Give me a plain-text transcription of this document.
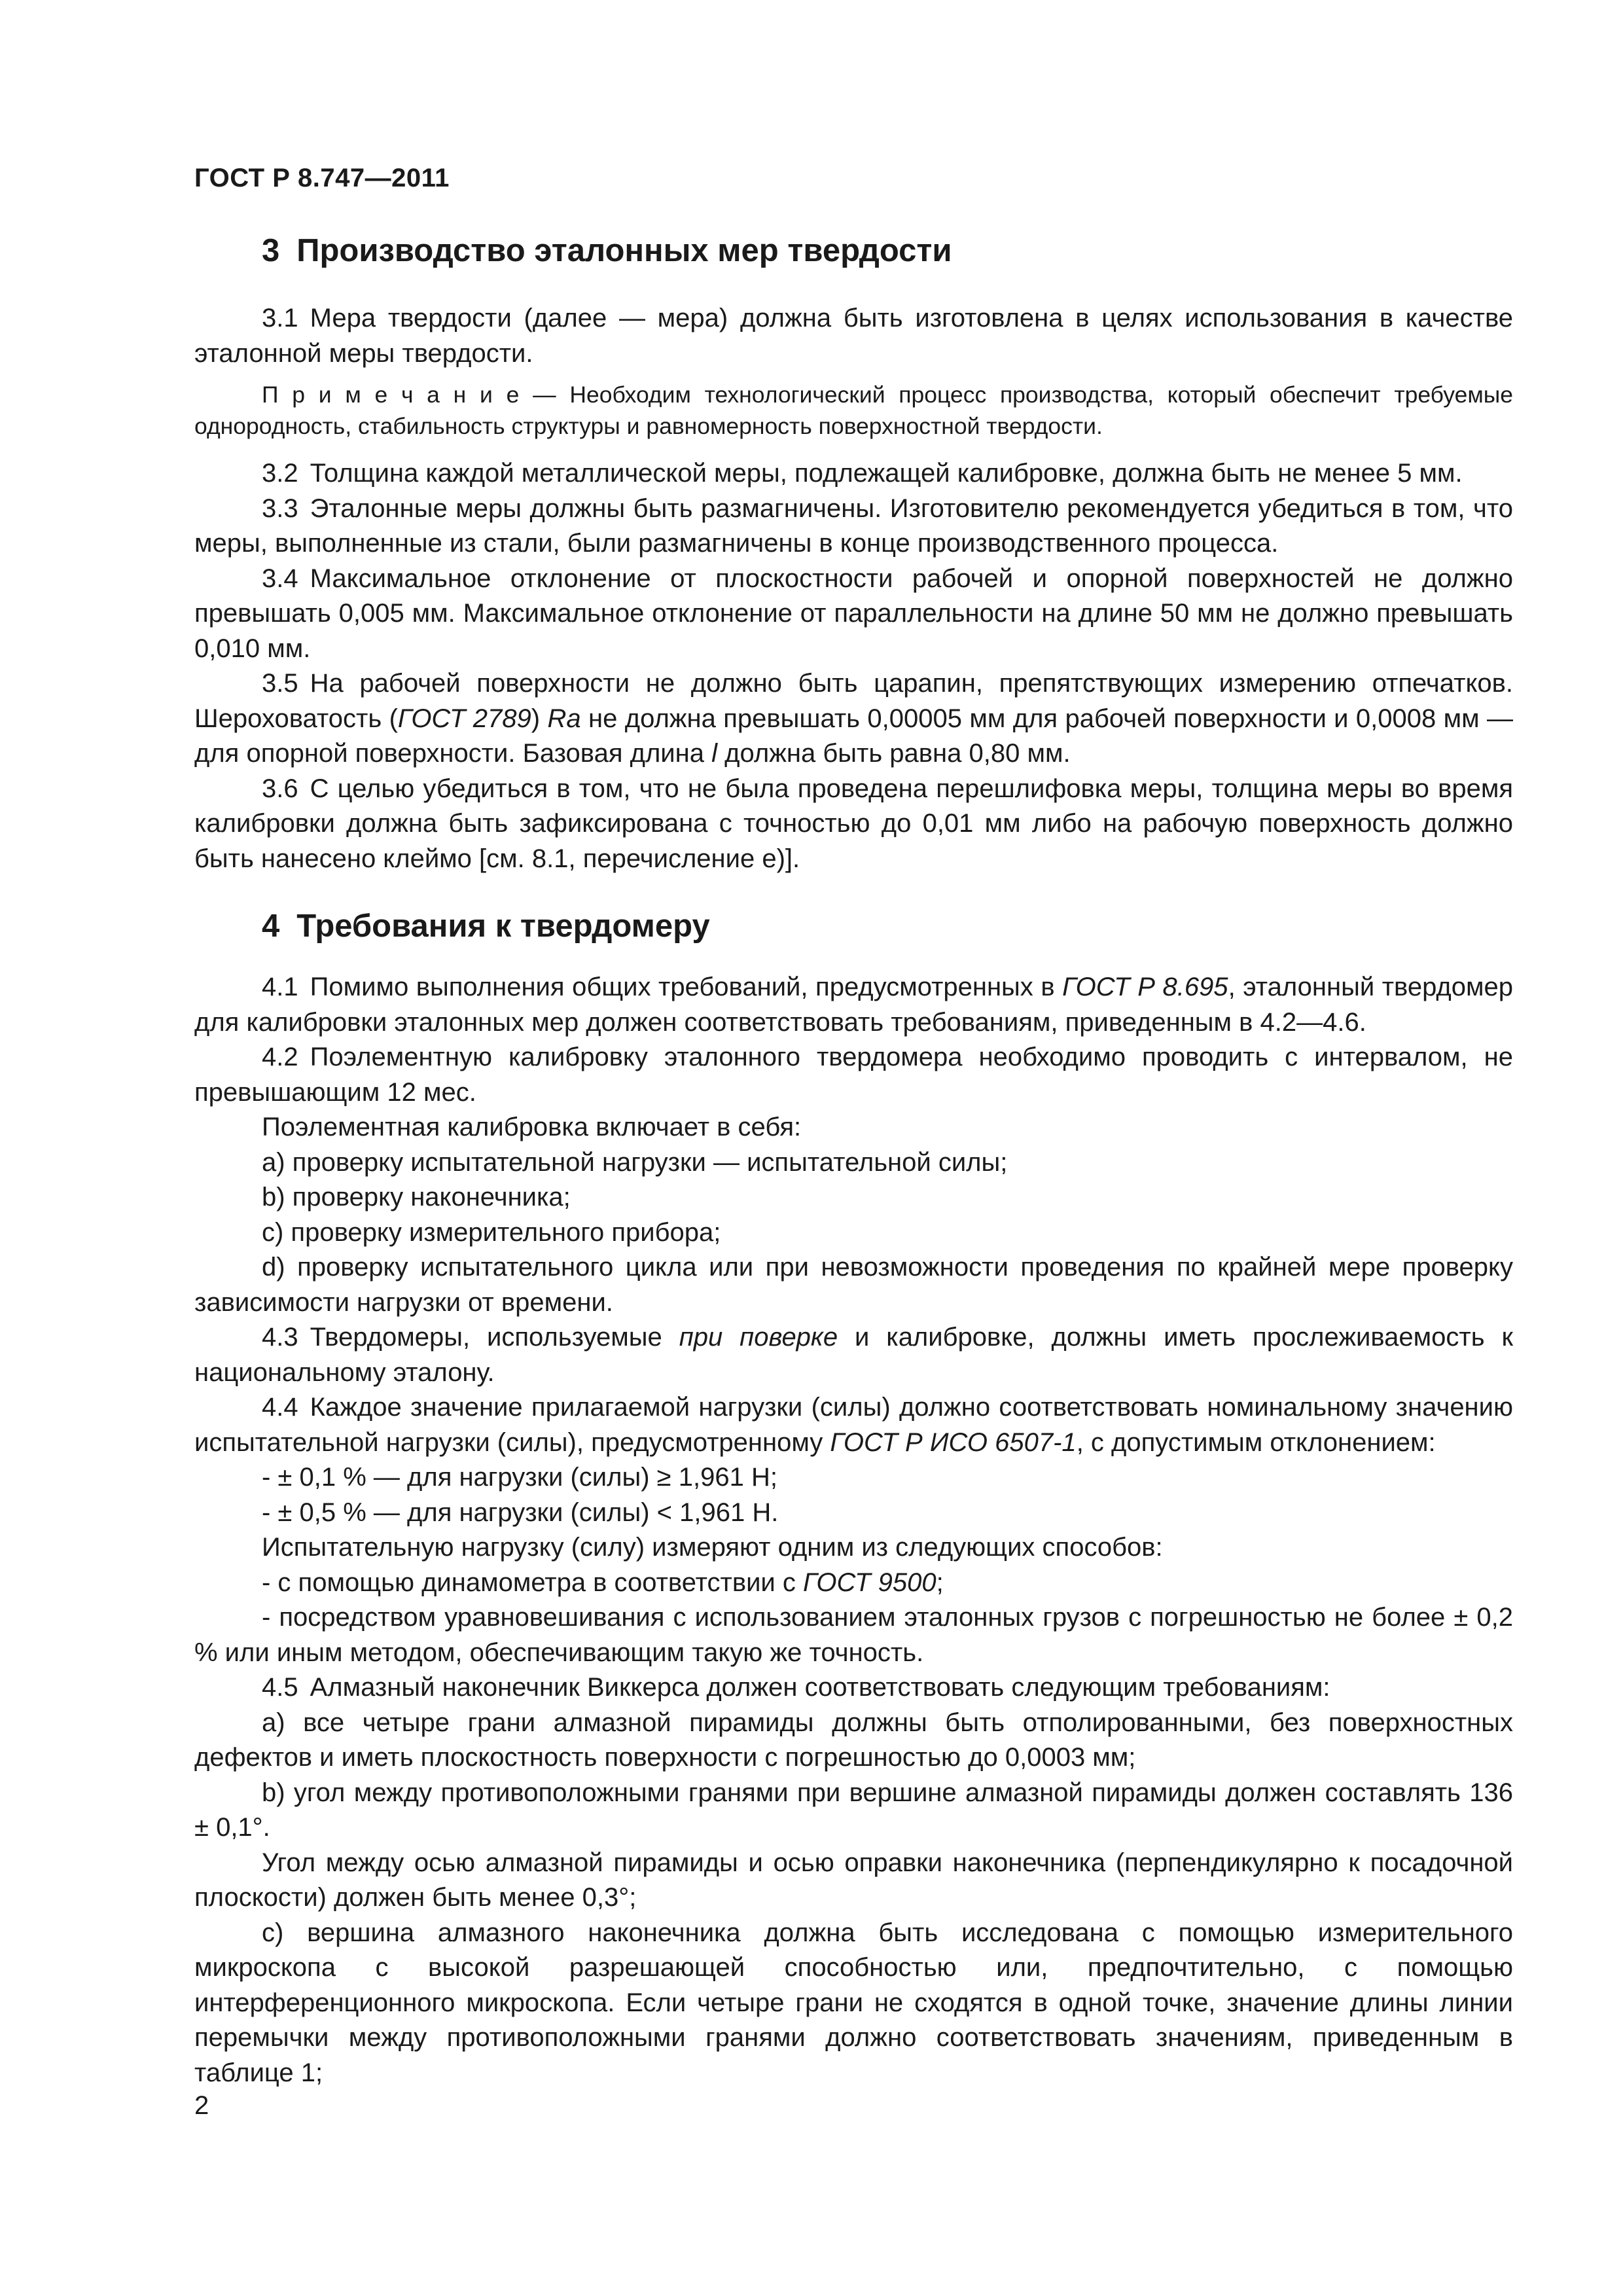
ГОСТ Р 8.747—2011
3 Производство эталонных мер твердости

3.1 Мера твердости (далее — мера) должна быть изготовлена в целях использования в качестве эталонной меры твердости.

П р и м е ч а н и е — Необходим технологический процесс производства, который обеспечит требуемые однородность, стабильность структуры и равномерность поверхностной твердости.

3.2 Толщина каждой металлической меры, подлежащей калибровке, должна быть не менее 5 мм.

3.3 Эталонные меры должны быть размагничены. Изготовителю рекомендуется убедиться в том, что меры, выполненные из стали, были размагничены в конце производственного процесса.

3.4 Максимальное отклонение от плоскостности рабочей и опорной поверхностей не должно превышать 0,005 мм. Максимальное отклонение от параллельности на длине 50 мм не должно превышать 0,010 мм.

3.5 На рабочей поверхности не должно быть царапин, препятствующих измерению отпечатков. Шероховатость (ГОСТ 2789) Ra не должна превышать 0,00005 мм для рабочей поверхности и 0,0008 мм — для опорной поверхности. Базовая длина l должна быть равна 0,80 мм.

3.6 С целью убедиться в том, что не была проведена перешлифовка меры, толщина меры во время калибровки должна быть зафиксирована с точностью до 0,01 мм либо на рабочую поверхность должно быть нанесено клеймо [см. 8.1, перечисление е)].

4 Требования к твердомеру

4.1 Помимо выполнения общих требований, предусмотренных в ГОСТ Р 8.695, эталонный твердомер для калибровки эталонных мер должен соответствовать требованиям, приведенным в 4.2—4.6.

4.2 Поэлементную калибровку эталонного твердомера необходимо проводить с интервалом, не превышающим 12 мес.

Поэлементная калибровка включает в себя:

a) проверку испытательной нагрузки — испытательной силы;

b) проверку наконечника;

c) проверку измерительного прибора;

d) проверку испытательного цикла или при невозможности проведения по крайней мере проверку зависимости нагрузки от времени.

4.3 Твердомеры, используемые при поверке и калибровке, должны иметь прослеживаемость к национальному эталону.

4.4 Каждое значение прилагаемой нагрузки (силы) должно соответствовать номинальному значению испытательной нагрузки (силы), предусмотренному ГОСТ Р ИСО 6507-1, с допустимым отклонением:

- ± 0,1 % — для нагрузки (силы) ≥ 1,961 Н;

- ± 0,5 % — для нагрузки (силы) < 1,961 Н.

Испытательную нагрузку (силу) измеряют одним из следующих способов:

- с помощью динамометра в соответствии с ГОСТ 9500;

- посредством уравновешивания с использованием эталонных грузов с погрешностью не более ± 0,2 % или иным методом, обеспечивающим такую же точность.

4.5 Алмазный наконечник Виккерса должен соответствовать следующим требованиям:

a) все четыре грани алмазной пирамиды должны быть отполированными, без поверхностных дефектов и иметь плоскостность поверхности с погрешностью до 0,0003 мм;

b) угол между противоположными гранями при вершине алмазной пирамиды должен составлять 136 ± 0,1°.

Угол между осью алмазной пирамиды и осью оправки наконечника (перпендикулярно к посадочной плоскости) должен быть менее 0,3°;

c) вершина алмазного наконечника должна быть исследована с помощью измерительного микроскопа с высокой разрешающей способностью или, предпочтительно, с помощью интерференционного микроскопа. Если четыре грани не сходятся в одной точке, значение длины линии перемычки между противоположными гранями должно соответствовать значениям, приведенным в таблице 1;

2
